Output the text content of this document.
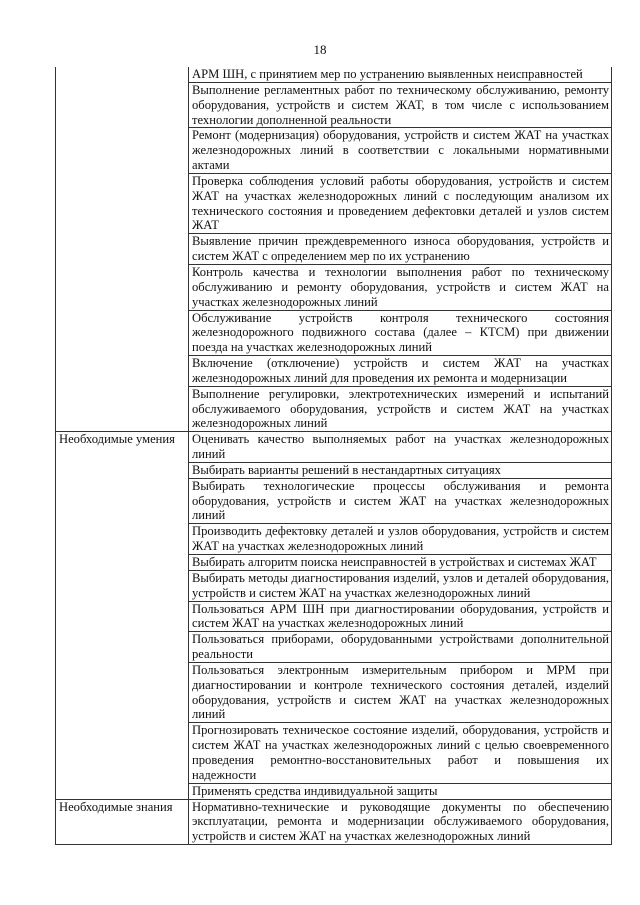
18
	АРМ ШН, с принятием мер по устранению выявленных неисправностей
	Выполнение регламентных работ по техническому обслуживанию, ремонту оборудования, устройств и систем ЖАТ, в том числе с использованием технологии дополненной реальности
	Ремонт (модернизация) оборудования, устройств и систем ЖАТ на участках железнодорожных линий в соответствии с локальными нормативными актами
	Проверка соблюдения условий работы оборудования, устройств и систем ЖАТ на участках железнодорожных линий с последующим анализом их технического состояния и проведением дефектовки деталей и узлов систем ЖАТ
	Выявление причин преждевременного износа оборудования, устройств и систем ЖАТ с определением мер по их устранению
	Контроль качества и технологии выполнения работ по техническому обслуживанию и ремонту оборудования, устройств и систем ЖАТ на участках железнодорожных линий
	Обслуживание устройств контроля технического состояния железнодорожного подвижного состава (далее – КТСМ) при движении поезда на участках железнодорожных линий
	Включение (отключение) устройств и систем ЖАТ на участках железнодорожных линий для проведения их ремонта и модернизации
	Выполнение регулировки, электротехнических измерений и испытаний обслуживаемого оборудования, устройств и систем ЖАТ на участках железнодорожных линий
Необходимые умения	Оценивать качество выполняемых работ на участках железнодорожных линий
	Выбирать варианты решений в нестандартных ситуациях
	Выбирать технологические процессы обслуживания и ремонта оборудования, устройств и систем ЖАТ на участках железнодорожных линий
	Производить дефектовку деталей и узлов оборудования, устройств и систем ЖАТ на участках железнодорожных линий
	Выбирать алгоритм поиска неисправностей в устройствах и системах ЖАТ
	Выбирать методы диагностирования изделий, узлов и деталей оборудования, устройств и систем ЖАТ на участках железнодорожных линий
	Пользоваться АРМ ШН при диагностировании оборудования, устройств и систем ЖАТ на участках железнодорожных линий
	Пользоваться приборами, оборудованными устройствами дополнительной реальности
	Пользоваться электронным измерительным прибором и МРМ при диагностировании и контроле технического состояния деталей, изделий оборудования, устройств и систем ЖАТ на участках железнодорожных линий
	Прогнозировать техническое состояние изделий, оборудования, устройств и систем ЖАТ на участках железнодорожных линий с целью своевременного проведения ремонтно-восстановительных работ и повышения их надежности
	Применять средства индивидуальной защиты
Необходимые знания	Нормативно-технические и руководящие документы по обеспечению эксплуатации, ремонта и модернизации обслуживаемого оборудования, устройств и систем ЖАТ на участках железнодорожных линий
